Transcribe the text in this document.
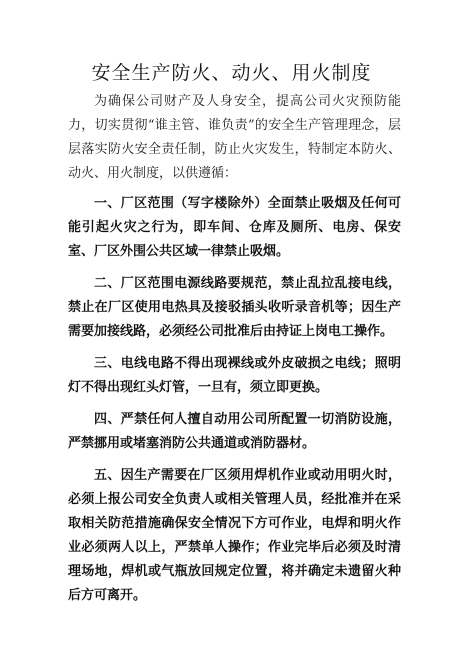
安全生产防火、动火、用火制度

为确保公司财产及人身安全，提高公司火灾预防能力，切实贯彻“谁主管、谁负责”的安全生产管理理念，层层落实防火安全责任制，防止火灾发生，特制定本防火、动火、用火制度，以供遵循：

一、厂区范围（写字楼除外）全面禁止吸烟及任何可能引起火灾之行为，即车间、仓库及厕所、电房、保安室、厂区外围公共区域一律禁止吸烟。

二、厂区范围电源线路要规范，禁止乱拉乱接电线，禁止在厂区使用电热具及接驳插头收听录音机等；因生产需要加接线路，必须经公司批准后由持证上岗电工操作。

三、电线电路不得出现裸线或外皮破损之电线；照明灯不得出现红头灯管，一旦有，须立即更换。

四、严禁任何人擅自动用公司所配置一切消防设施，严禁挪用或堵塞消防公共通道或消防器材。

五、因生产需要在厂区须用焊机作业或动用明火时，必须上报公司安全负责人或相关管理人员，经批准并在采取相关防范措施确保安全情况下方可作业，电焊和明火作业必须两人以上，严禁单人操作；作业完毕后必须及时清理场地，焊机或气瓶放回规定位置，将并确定未遗留火种后方可离开。
